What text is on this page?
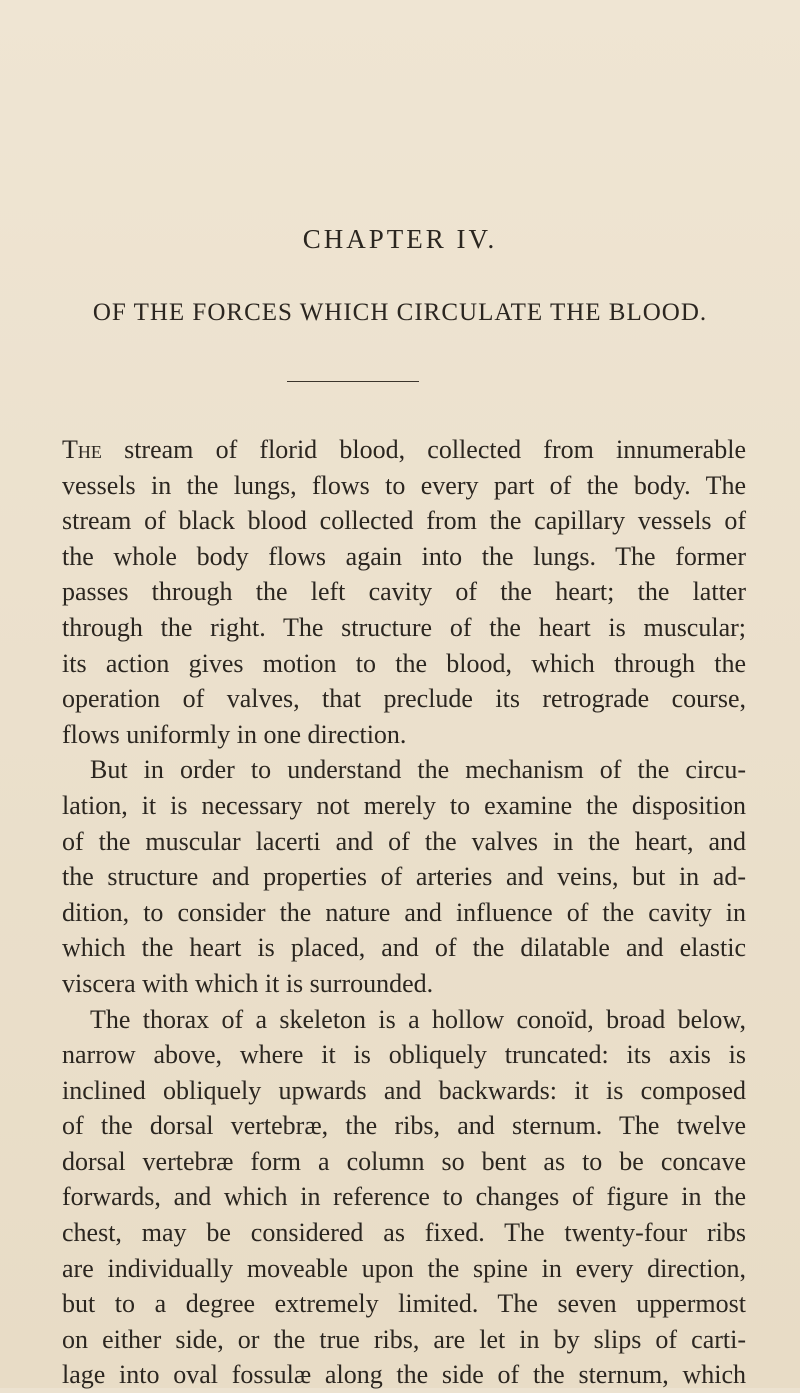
CHAPTER IV.
OF THE FORCES WHICH CIRCULATE THE BLOOD.
The stream of florid blood, collected from innumerable
vessels in the lungs, flows to every part of the body. The
stream of black blood collected from the capillary vessels of
the whole body flows again into the lungs. The former
passes through the left cavity of the heart; the latter
through the right. The structure of the heart is muscular;
its action gives motion to the blood, which through the
operation of valves, that preclude its retrograde course,
flows uniformly in one direction.
But in order to understand the mechanism of the circu-
lation, it is necessary not merely to examine the disposition
of the muscular lacerti and of the valves in the heart, and
the structure and properties of arteries and veins, but in ad-
dition, to consider the nature and influence of the cavity in
which the heart is placed, and of the dilatable and elastic
viscera with which it is surrounded.
The thorax of a skeleton is a hollow conoïd, broad below,
narrow above, where it is obliquely truncated: its axis is
inclined obliquely upwards and backwards: it is composed
of the dorsal vertebræ, the ribs, and sternum. The twelve
dorsal vertebræ form a column so bent as to be concave
forwards, and which in reference to changes of figure in the
chest, may be considered as fixed. The twenty-four ribs
are individually moveable upon the spine in every direction,
but to a degree extremely limited. The seven uppermost
on either side, or the true ribs, are let in by slips of carti-
lage into oval fossulæ along the side of the sternum, which
